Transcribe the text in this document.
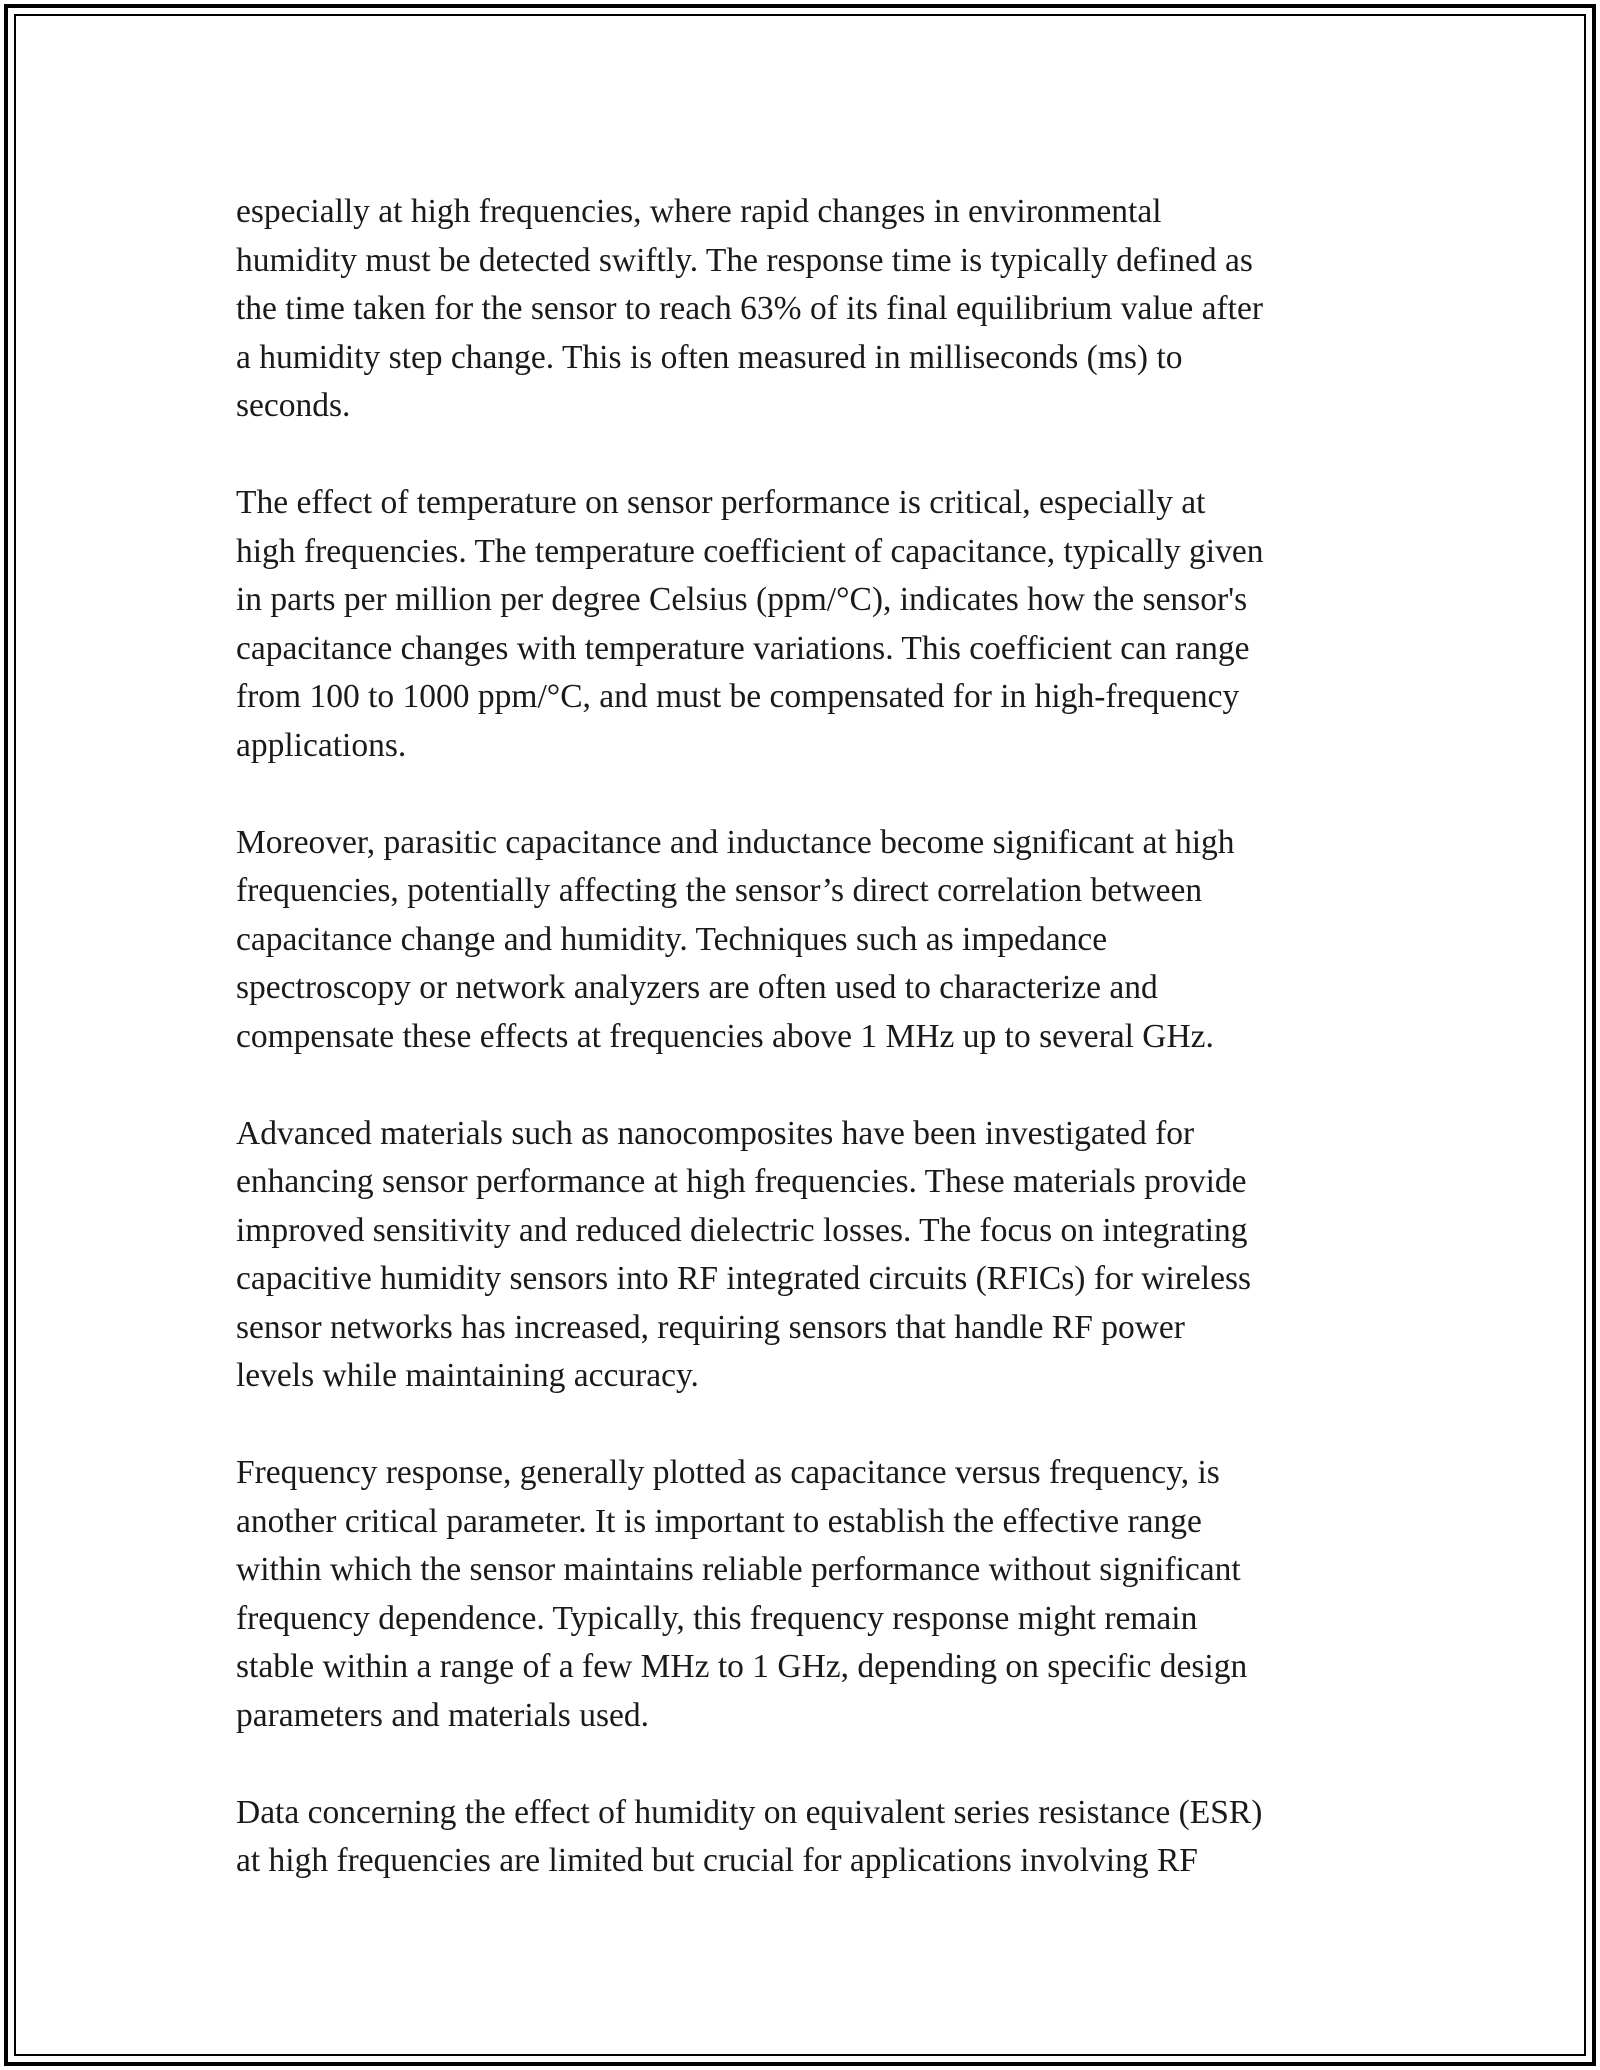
especially at high frequencies, where rapid changes in environmental
humidity must be detected swiftly. The response time is typically defined as
the time taken for the sensor to reach 63% of its final equilibrium value after
a humidity step change. This is often measured in milliseconds (ms) to
seconds.

The effect of temperature on sensor performance is critical, especially at
high frequencies. The temperature coefficient of capacitance, typically given
in parts per million per degree Celsius (ppm/°C), indicates how the sensor's
capacitance changes with temperature variations. This coefficient can range
from 100 to 1000 ppm/°C, and must be compensated for in high-frequency
applications.

Moreover, parasitic capacitance and inductance become significant at high
frequencies, potentially affecting the sensor’s direct correlation between
capacitance change and humidity. Techniques such as impedance
spectroscopy or network analyzers are often used to characterize and
compensate these effects at frequencies above 1 MHz up to several GHz.

Advanced materials such as nanocomposites have been investigated for
enhancing sensor performance at high frequencies. These materials provide
improved sensitivity and reduced dielectric losses. The focus on integrating
capacitive humidity sensors into RF integrated circuits (RFICs) for wireless
sensor networks has increased, requiring sensors that handle RF power
levels while maintaining accuracy.

Frequency response, generally plotted as capacitance versus frequency, is
another critical parameter. It is important to establish the effective range
within which the sensor maintains reliable performance without significant
frequency dependence. Typically, this frequency response might remain
stable within a range of a few MHz to 1 GHz, depending on specific design
parameters and materials used.

Data concerning the effect of humidity on equivalent series resistance (ESR)
at high frequencies are limited but crucial for applications involving RF
